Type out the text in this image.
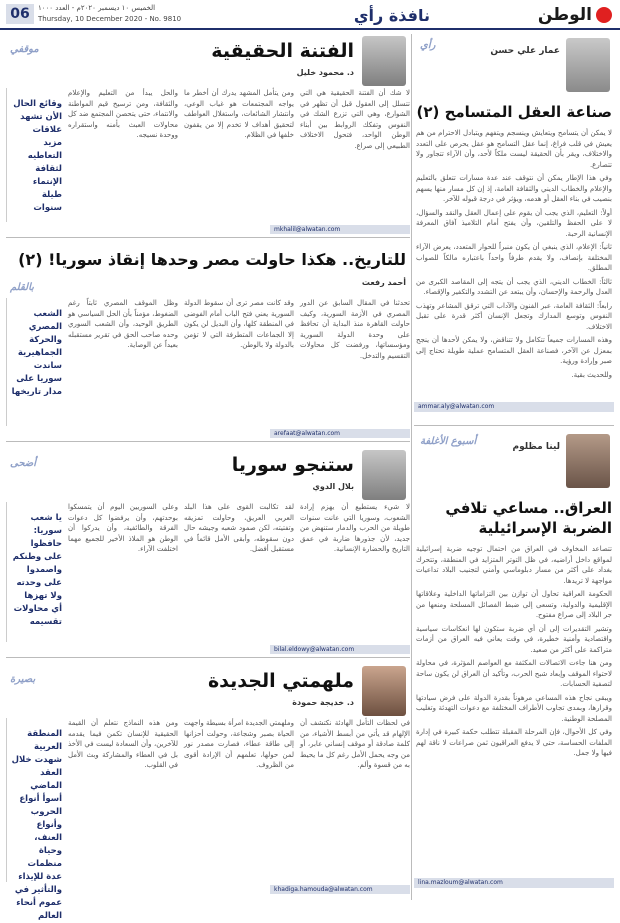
الوطن
نافذة رأي
الخميس ١٠ ديسمبر ٢٠٢٠م - العدد ١٠٠٠
Thursday, 10 December 2020 - No. 9810
06
عمار علي حسن
رأي
صناعة العقل المتسامح (٢)

لا يمكن أن يتسامح ويتعايش وينسجم ويتفهم ويتبادل الاحترام من هم يعيش في قلب فراغ، إنما عقل التسامح هو عقل يحرص على التعدد والاختلاف، ويقر بأن الحقيقة ليست ملكاً لأحد، وأن الآراء تتجاور ولا تتصارع.

وفي هذا الإطار يمكن أن نتوقف عند عدة مسارات تتعلق بالتعليم والإعلام والخطاب الديني والثقافة العامة، إذ إن كل مسار منها يسهم بنصيب في بناء العقل أو هدمه، ويؤثر في درجة قبوله للآخر.

أولاً: التعليم، الذي يجب أن يقوم على إعمال العقل والنقد والسؤال، لا على الحفظ والتلقين، وأن يفتح أمام التلاميذ آفاق المعرفة الإنسانية الرحبة.

ثانياً: الإعلام، الذي ينبغي أن يكون منبراً للحوار المتعدد، يعرض الآراء المختلفة بإنصاف، ولا يقدم طرفاً واحداً باعتباره مالكاً للصواب المطلق.

ثالثاً: الخطاب الديني، الذي يجب أن يتجه إلى المقاصد الكبرى من العدل والرحمة والإحسان، وأن يبتعد عن التشدد والتكفير والإقصاء.

رابعاً: الثقافة العامة، عبر الفنون والآداب التي ترقق المشاعر وتهذب النفوس وتوسع المدارك وتجعل الإنسان أكثر قدرة على تقبل الاختلاف.

وهذه المسارات جميعاً تتكامل ولا تتناقض، ولا يمكن لأحدها أن ينجح بمعزل عن الآخر، فصناعة العقل المتسامح عملية طويلة تحتاج إلى صبر وإرادة ورؤية.

وللحديث بقية.

ammar.aly@alwatan.com
لينا مظلوم
أسبوع الأغلفة
العراق.. مساعي تلافي الضربة الإسرائيلية

تتصاعد المخاوف في العراق من احتمال توجيه ضربة إسرائيلية لمواقع داخل أراضيه، في ظل التوتر المتزايد في المنطقة، وتتحرك بغداد على أكثر من مسار دبلوماسي وأمني لتجنيب البلاد تداعيات مواجهة لا تريدها.

الحكومة العراقية تحاول أن توازن بين التزاماتها الداخلية وعلاقاتها الإقليمية والدولية، وتسعى إلى ضبط الفصائل المسلحة ومنعها من جر البلاد إلى صراع مفتوح.

وتشير التقديرات إلى أن أي ضربة ستكون لها انعكاسات سياسية واقتصادية وأمنية خطيرة، في وقت يعاني فيه العراق من أزمات متراكمة على أكثر من صعيد.

ومن هنا جاءت الاتصالات المكثفة مع العواصم المؤثرة، في محاولة لاحتواء الموقف وإبعاد شبح الحرب، وتأكيد أن العراق لن يكون ساحة لتصفية الحسابات.

ويبقى نجاح هذه المساعي مرهوناً بقدرة الدولة على فرض سيادتها وقرارها، وبمدى تجاوب الأطراف المختلفة مع دعوات التهدئة وتغليب المصلحة الوطنية.

وفي كل الأحوال، فإن المرحلة المقبلة تتطلب حكمة كبيرة في إدارة الملفات الحساسة، حتى لا يدفع العراقيون ثمن صراعات لا ناقة لهم فيها ولا جمل.

lina.mazloum@alwatan.com
الفتنة الحقيقية
د. محمود خليل
موقفي
لا شك أن الفتنة الحقيقية هي التي تتسلل إلى العقول قبل أن تظهر في الشوارع، وهي التي تزرع الشك في النفوس وتفكك الروابط بين أبناء الوطن الواحد، فتحول الاختلاف الطبيعي إلى صراع.
ومن يتأمل المشهد يدرك أن أخطر ما يواجه المجتمعات هو غياب الوعي، وانتشار الشائعات، واستغلال العواطف لتحقيق أهداف لا تخدم إلا من يقفون خلفها في الظلام.
والحل يبدأ من التعليم والإعلام والثقافة، ومن ترسيخ قيم المواطنة والانتماء، حتى يتحصن المجتمع ضد كل محاولات العبث بأمنه واستقراره ووحدة نسيجه.
وقائع الحال الأن تشهد علاقات مزيد التعاطيه لثقافة الإنتماء طيلة سنوات
mkhalil@alwatan.com
للتاريخ.. هكذا حاولت مصر وحدها إنقاذ سوريا! (٢)
أحمد رفعت
بالقلم
تحدثنا في المقال السابق عن الدور المصري في الأزمة السورية، وكيف حاولت القاهرة منذ البداية أن تحافظ على وحدة الدولة السورية ومؤسساتها، ورفضت كل محاولات التقسيم والتدخل.
وقد كانت مصر ترى أن سقوط الدولة السورية يعني فتح الباب أمام الفوضى في المنطقة كلها، وأن البديل لن يكون إلا الجماعات المتطرفة التي لا تؤمن بالدولة ولا بالوطن.
وظل الموقف المصري ثابتاً رغم الضغوط، مؤمناً بأن الحل السياسي هو الطريق الوحيد، وأن الشعب السوري وحده صاحب الحق في تقرير مستقبله بعيداً عن الوصاية.
الشعب المصري والحركة الجماهيرية ساندت سوريا على مدار تاريخها
arefaat@alwatan.com
ستنجو سوريا
بلال الدوي
أضحى
لا شيء يستطيع أن يهزم إرادة الشعوب، وسوريا التي عانت سنوات طويلة من الحرب والدمار ستنهض من جديد، لأن جذورها ضاربة في عمق التاريخ والحضارة الإنسانية.
لقد تكالبت القوى على هذا البلد العربي العريق، وحاولت تمزيقه وتفتيته، لكن صمود شعبه وجيشه حال دون سقوطه، وأبقى الأمل قائماً في مستقبل أفضل.
وعلى السوريين اليوم أن يتمسكوا بوحدتهم، وأن يرفضوا كل دعوات الفرقة والطائفية، وأن يدركوا أن الوطن هو الملاذ الأخير للجميع مهما اختلفت الآراء.
يا شعب سوريا: حافظوا على وطنكم واصمدوا على وحدته ولا تهزها أي محاولات تقسيمه
bilal.eldowy@alwatan.com
ملهمتي الجديدة
د. خديجة حمودة
بصيرة
في لحظات التأمل الهادئة نكتشف أن الإلهام قد يأتي من أبسط الأشياء، من كلمة صادقة أو موقف إنساني عابر، أو من وجه يحمل الأمل رغم كل ما يحيط به من قسوة وألم.
وملهمتي الجديدة امرأة بسيطة واجهت الحياة بصبر وشجاعة، وحولت أحزانها إلى طاقة عطاء، فصارت مصدر نور لمن حولها، تعلمهم أن الإرادة أقوى من الظروف.
ومن هذه النماذج نتعلم أن القيمة الحقيقية للإنسان تكمن فيما يقدمه للآخرين، وأن السعادة ليست في الأخذ بل في العطاء والمشاركة وبث الأمل في القلوب.
المنطقة العربية شهدت خلال العقد الماضي أسوأ أنواع الحروب وأنواع العنف، وحياة منظمات عدة للإيذاء والتأثير في عموم أنحاء العالم
khadiga.hamouda@alwatan.com
